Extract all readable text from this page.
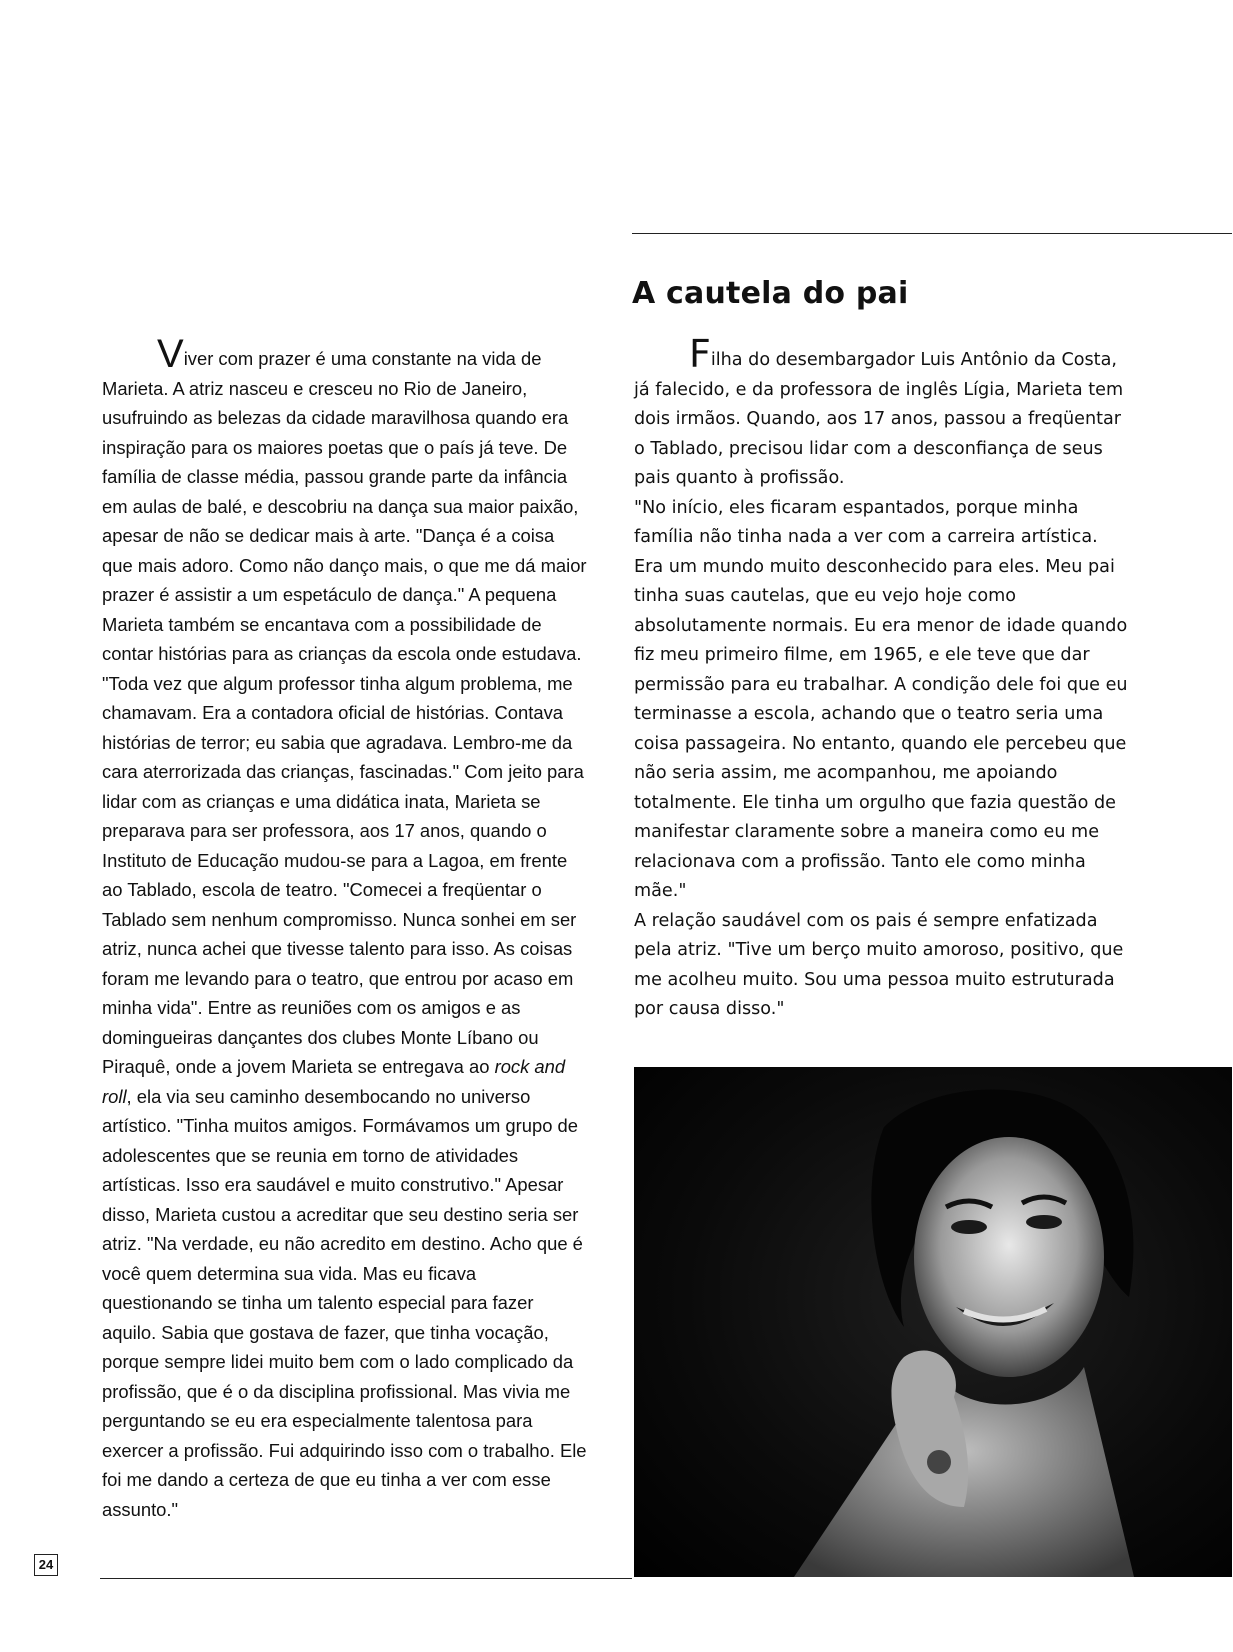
A cautela do pai

Viver com prazer é uma constante na vida de Marieta. A atriz nasceu e cresceu no Rio de Janeiro, usufruindo as belezas da cidade maravilhosa quando era inspiração para os maiores poetas que o país já teve. De família de classe média, passou grande parte da infância em aulas de balé, e descobriu na dança sua maior paixão, apesar de não se dedicar mais à arte. "Dança é a coisa que mais adoro. Como não danço mais, o que me dá maior prazer é assistir a um espetáculo de dança." A pequena Marieta também se encantava com a possibilidade de contar histórias para as crianças da escola onde estudava. "Toda vez que algum professor tinha algum problema, me chamavam. Era a contadora oficial de histórias. Contava histórias de terror; eu sabia que agradava. Lembro-me da cara aterrorizada das crianças, fascinadas." Com jeito para lidar com as crianças e uma didática inata, Marieta se preparava para ser professora, aos 17 anos, quando o Instituto de Educação mudou-se para a Lagoa, em frente ao Tablado, escola de teatro. "Comecei a freqüentar o Tablado sem nenhum compromisso. Nunca sonhei em ser atriz, nunca achei que tivesse talento para isso. As coisas foram me levando para o teatro, que entrou por acaso em minha vida". Entre as reuniões com os amigos e as domingueiras dançantes dos clubes Monte Líbano ou Piraquê, onde a jovem Marieta se entregava ao rock and roll, ela via seu caminho desembocando no universo artístico. "Tinha muitos amigos. Formávamos um grupo de adolescentes que se reunia em torno de atividades artísticas. Isso era saudável e muito construtivo." Apesar disso, Marieta custou a acreditar que seu destino seria ser atriz. "Na verdade, eu não acredito em destino. Acho que é você quem determina sua vida. Mas eu ficava questionando se tinha um talento especial para fazer aquilo. Sabia que gostava de fazer, que tinha vocação, porque sempre lidei muito bem com o lado complicado da profissão, que é o da disciplina profissional. Mas vivia me perguntando se eu era especialmente talentosa para exercer a profissão. Fui adquirindo isso com o trabalho. Ele foi me dando a certeza de que eu tinha a ver com esse assunto."

Filha do desembargador Luis Antônio da Costa, já falecido, e da professora de inglês Lígia, Marieta tem dois irmãos. Quando, aos 17 anos, passou a freqüentar o Tablado, precisou lidar com a desconfiança de seus pais quanto à profissão.

"No início, eles ficaram espantados, porque minha família não tinha nada a ver com a carreira artística. Era um mundo muito desconhecido para eles. Meu pai tinha suas cautelas, que eu vejo hoje como absolutamente normais. Eu era menor de idade quando fiz meu primeiro filme, em 1965, e ele teve que dar permissão para eu trabalhar. A condição dele foi que eu terminasse a escola, achando que o teatro seria uma coisa passageira. No entanto, quando ele percebeu que não seria assim, me acompanhou, me apoiando totalmente. Ele tinha um orgulho que fazia questão de manifestar claramente sobre a maneira como eu me relacionava com a profissão. Tanto ele como minha mãe."

A relação saudável com os pais é sempre enfatizada pela atriz. "Tive um berço muito amoroso, positivo, que me acolheu muito. Sou uma pessoa muito estruturada por causa disso."

24
